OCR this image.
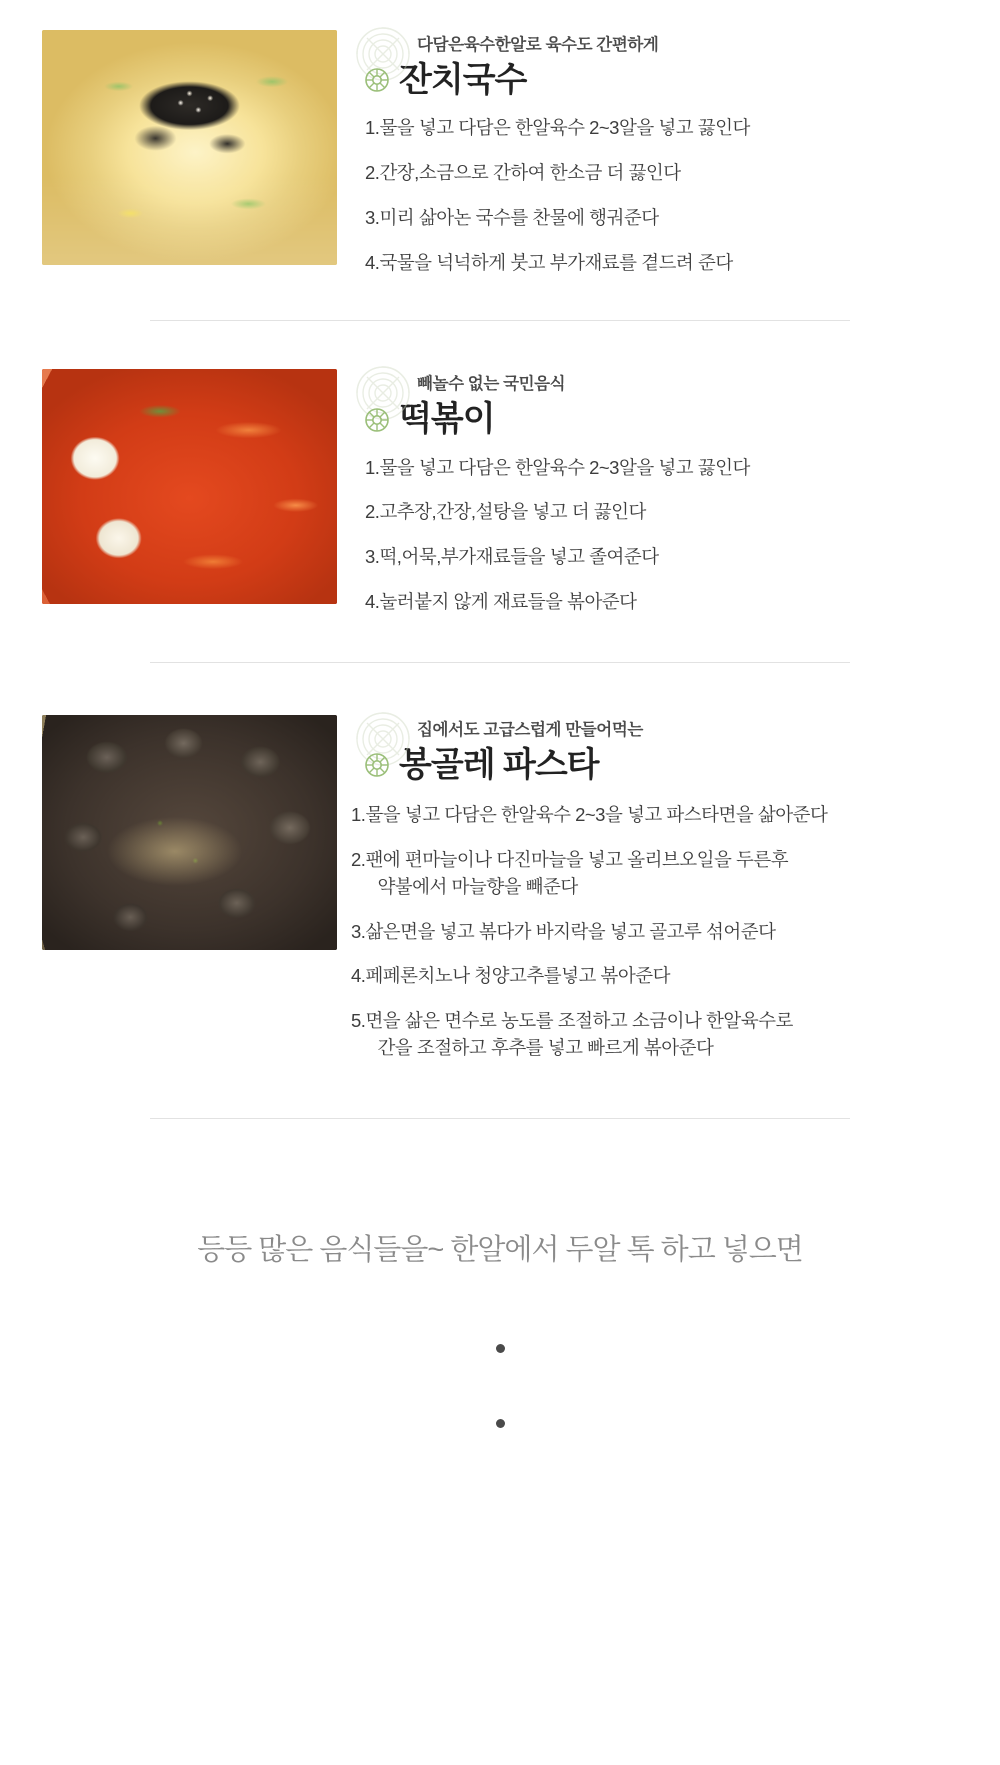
다담은육수한알로 육수도 간편하게
잔치국수
1. 물을 넣고 다담은 한알육수 2~3알을 넣고 끓인다
2. 간장,소금으로 간하여 한소금 더 끓인다
3. 미리 삶아논 국수를 찬물에 행궈준다
4. 국물을 넉넉하게 붓고 부가재료를 곁드려 준다
빼놀수 없는 국민음식
떡볶이
1. 물을 넣고 다담은 한알육수 2~3알을 넣고 끓인다
2. 고추장,간장,설탕을 넣고 더 끓인다
3. 떡,어묵,부가재료들을 넣고 졸여준다
4. 눌러붙지 않게 재료들을 볶아준다
집에서도 고급스럽게 만들어먹는
봉골레 파스타
1. 물을 넣고 다담은 한알육수 2~3을 넣고 파스타면을 삶아준다
2. 팬에 편마늘이나 다진마늘을 넣고 올리브오일을 두른후
약불에서 마늘향을 빼준다
3. 삶은면을 넣고 볶다가 바지락을 넣고 골고루 섞어준다
4. 페페론치노나 청양고추를넣고 볶아준다
5. 면을 삶은 면수로 농도를 조절하고 소금이나 한알육수로
간을 조절하고 후추를 넣고 빠르게 볶아준다
등등 많은 음식들을~ 한알에서 두알 톡 하고 넣으면
